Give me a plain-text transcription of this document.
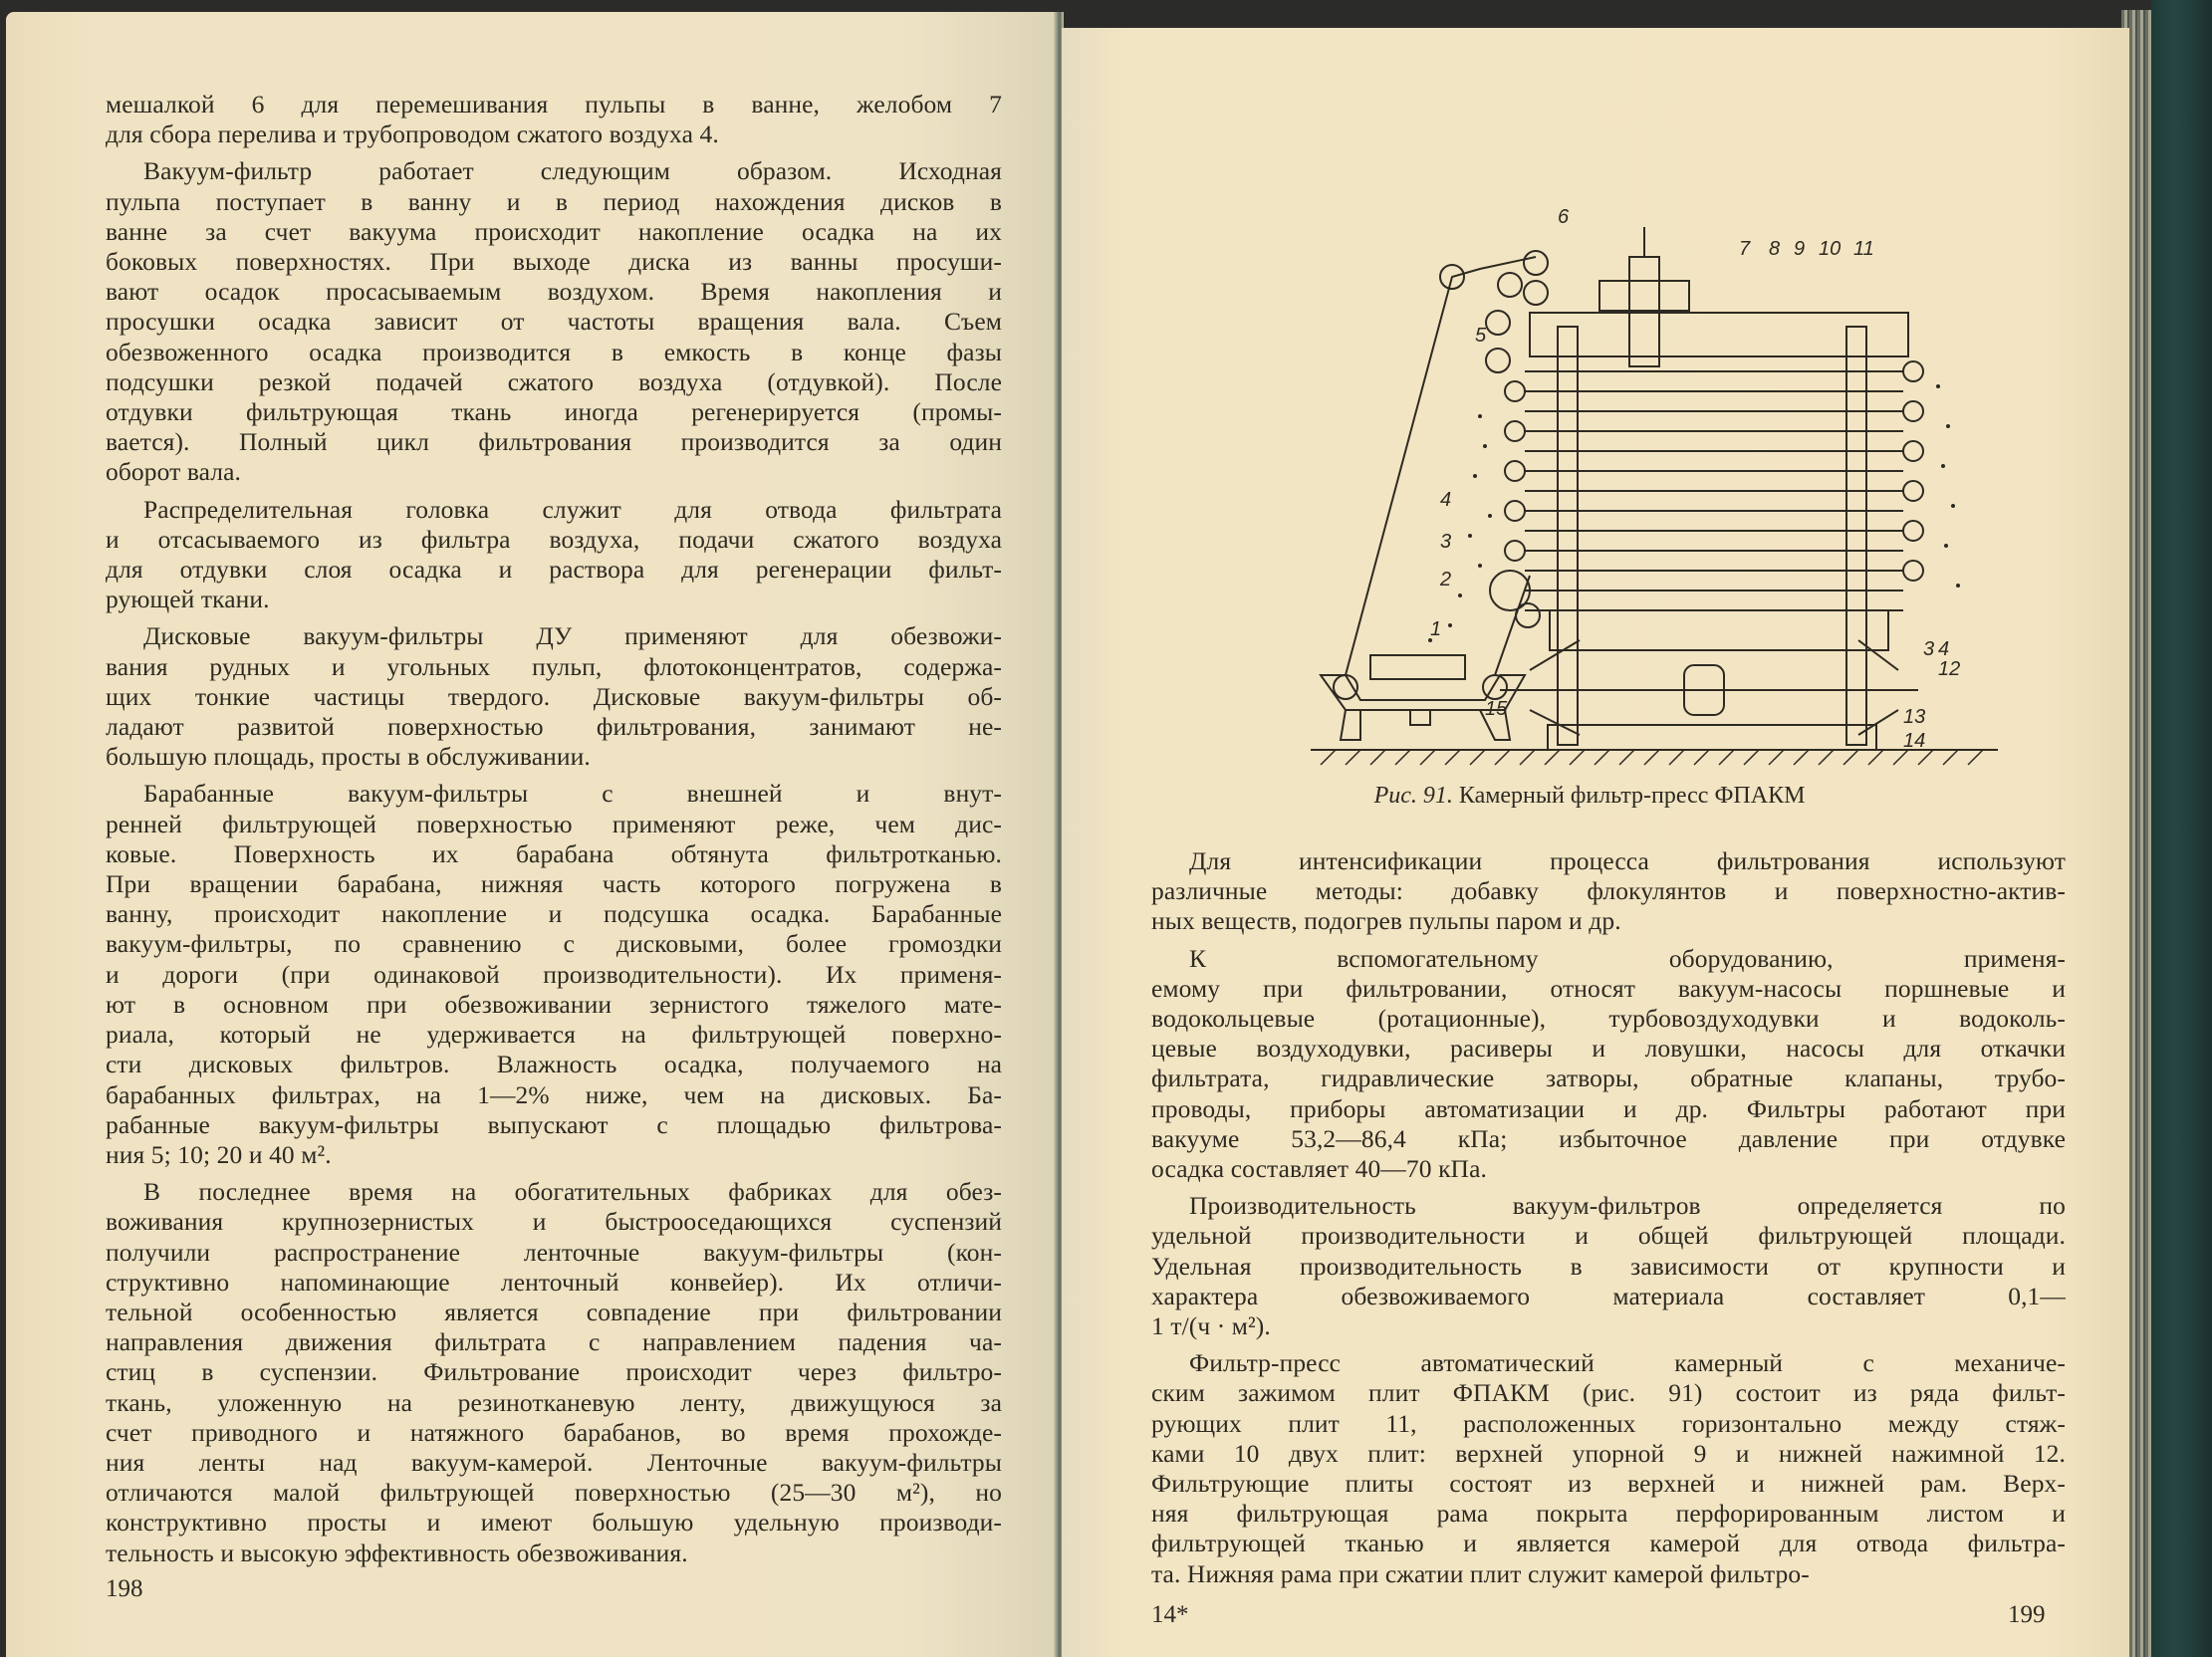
мешалкой 6 для перемешивания пульпы в ванне, желобом 7
для сбора перелива и трубопроводом сжатого воздуха 4.
Вакуум-фильтр работает следующим образом. Исходная
пульпа поступает в ванну и в период нахождения дисков в
ванне за счет вакуума происходит накопление осадка на их
боковых поверхностях. При выходе диска из ванны просуши-
вают осадок просасываемым воздухом. Время накопления и
просушки осадка зависит от частоты вращения вала. Съем
обезвоженного осадка производится в емкость в конце фазы
подсушки резкой подачей сжатого воздуха (отдувкой). После
отдувки фильтрующая ткань иногда регенерируется (промы-
вается). Полный цикл фильтрования производится за один
оборот вала.
Распределительная головка служит для отвода фильтрата
и отсасываемого из фильтра воздуха, подачи сжатого воздуха
для отдувки слоя осадка и раствора для регенерации фильт-
рующей ткани.
Дисковые вакуум-фильтры ДУ применяют для обезвожи-
вания рудных и угольных пульп, флотоконцентратов, содержа-
щих тонкие частицы твердого. Дисковые вакуум-фильтры об-
ладают развитой поверхностью фильтрования, занимают не-
большую площадь, просты в обслуживании.
Барабанные вакуум-фильтры с внешней и внут-
ренней фильтрующей поверхностью применяют реже, чем дис-
ковые. Поверхность их барабана обтянута фильтротканью.
При вращении барабана, нижняя часть которого погружена в
ванну, происходит накопление и подсушка осадка. Барабанные
вакуум-фильтры, по сравнению с дисковыми, более громоздки
и дороги (при одинаковой производительности). Их применя-
ют в основном при обезвоживании зернистого тяжелого мате-
риала, который не удерживается на фильтрующей поверхно-
сти дисковых фильтров. Влажность осадка, получаемого на
барабанных фильтрах, на 1—2% ниже, чем на дисковых. Ба-
рабанные вакуум-фильтры выпускают с площадью фильтрова-
ния 5; 10; 20 и 40 м².
В последнее время на обогатительных фабриках для обез-
воживания крупнозернистых и быстрооседающихся суспензий
получили распространение ленточные вакуум-фильтры (кон-
структивно напоминающие ленточный конвейер). Их отличи-
тельной особенностью является совпадение при фильтровании
направления движения фильтрата с направлением падения ча-
стиц в суспензии. Фильтрование происходит через фильтро-
ткань, уложенную на резинотканевую ленту, движущуюся за
счет приводного и натяжного барабанов, во время прохожде-
ния ленты над вакуум-камерой. Ленточные вакуум-фильтры
отличаются малой фильтрующей поверхностью (25—30 м²), но
конструктивно просты и имеют большую удельную производи-
тельность и высокую эффективность обезвоживания.
198
1
2
3
4
5
6
7 8 9 10 11
12
13
14
15
3 4
Рис. 91. Камерный фильтр-пресс ФПАКМ
Для интенсификации процесса фильтрования используют
различные методы: добавку флокулянтов и поверхностно-актив-
ных веществ, подогрев пульпы паром и др.
К вспомогательному оборудованию, применя-
емому при фильтровании, относят вакуум-насосы поршневые и
водокольцевые (ротационные), турбовоздуходувки и водоколь-
цевые воздуходувки, расиверы и ловушки, насосы для откачки
фильтрата, гидравлические затворы, обратные клапаны, трубо-
проводы, приборы автоматизации и др. Фильтры работают при
вакууме 53,2—86,4 кПа; избыточное давление при отдувке
осадка составляет 40—70 кПа.
Производительность вакуум-фильтров определяется по
удельной производительности и общей фильтрующей площади.
Удельная производительность в зависимости от крупности и
характера обезвоживаемого материала составляет 0,1—
1 т/(ч · м²).
Фильтр-пресс автоматический камерный с механиче-
ским зажимом плит ФПАКМ (рис. 91) состоит из ряда фильт-
рующих плит 11, расположенных горизонтально между стяж-
ками 10 двух плит: верхней упорной 9 и нижней нажимной 12.
Фильтрующие плиты состоят из верхней и нижней рам. Верх-
няя фильтрующая рама покрыта перфорированным листом и
фильтрующей тканью и является камерой для отвода фильтра-
та. Нижняя рама при сжатии плит служит камерой фильтро-
14*	199
